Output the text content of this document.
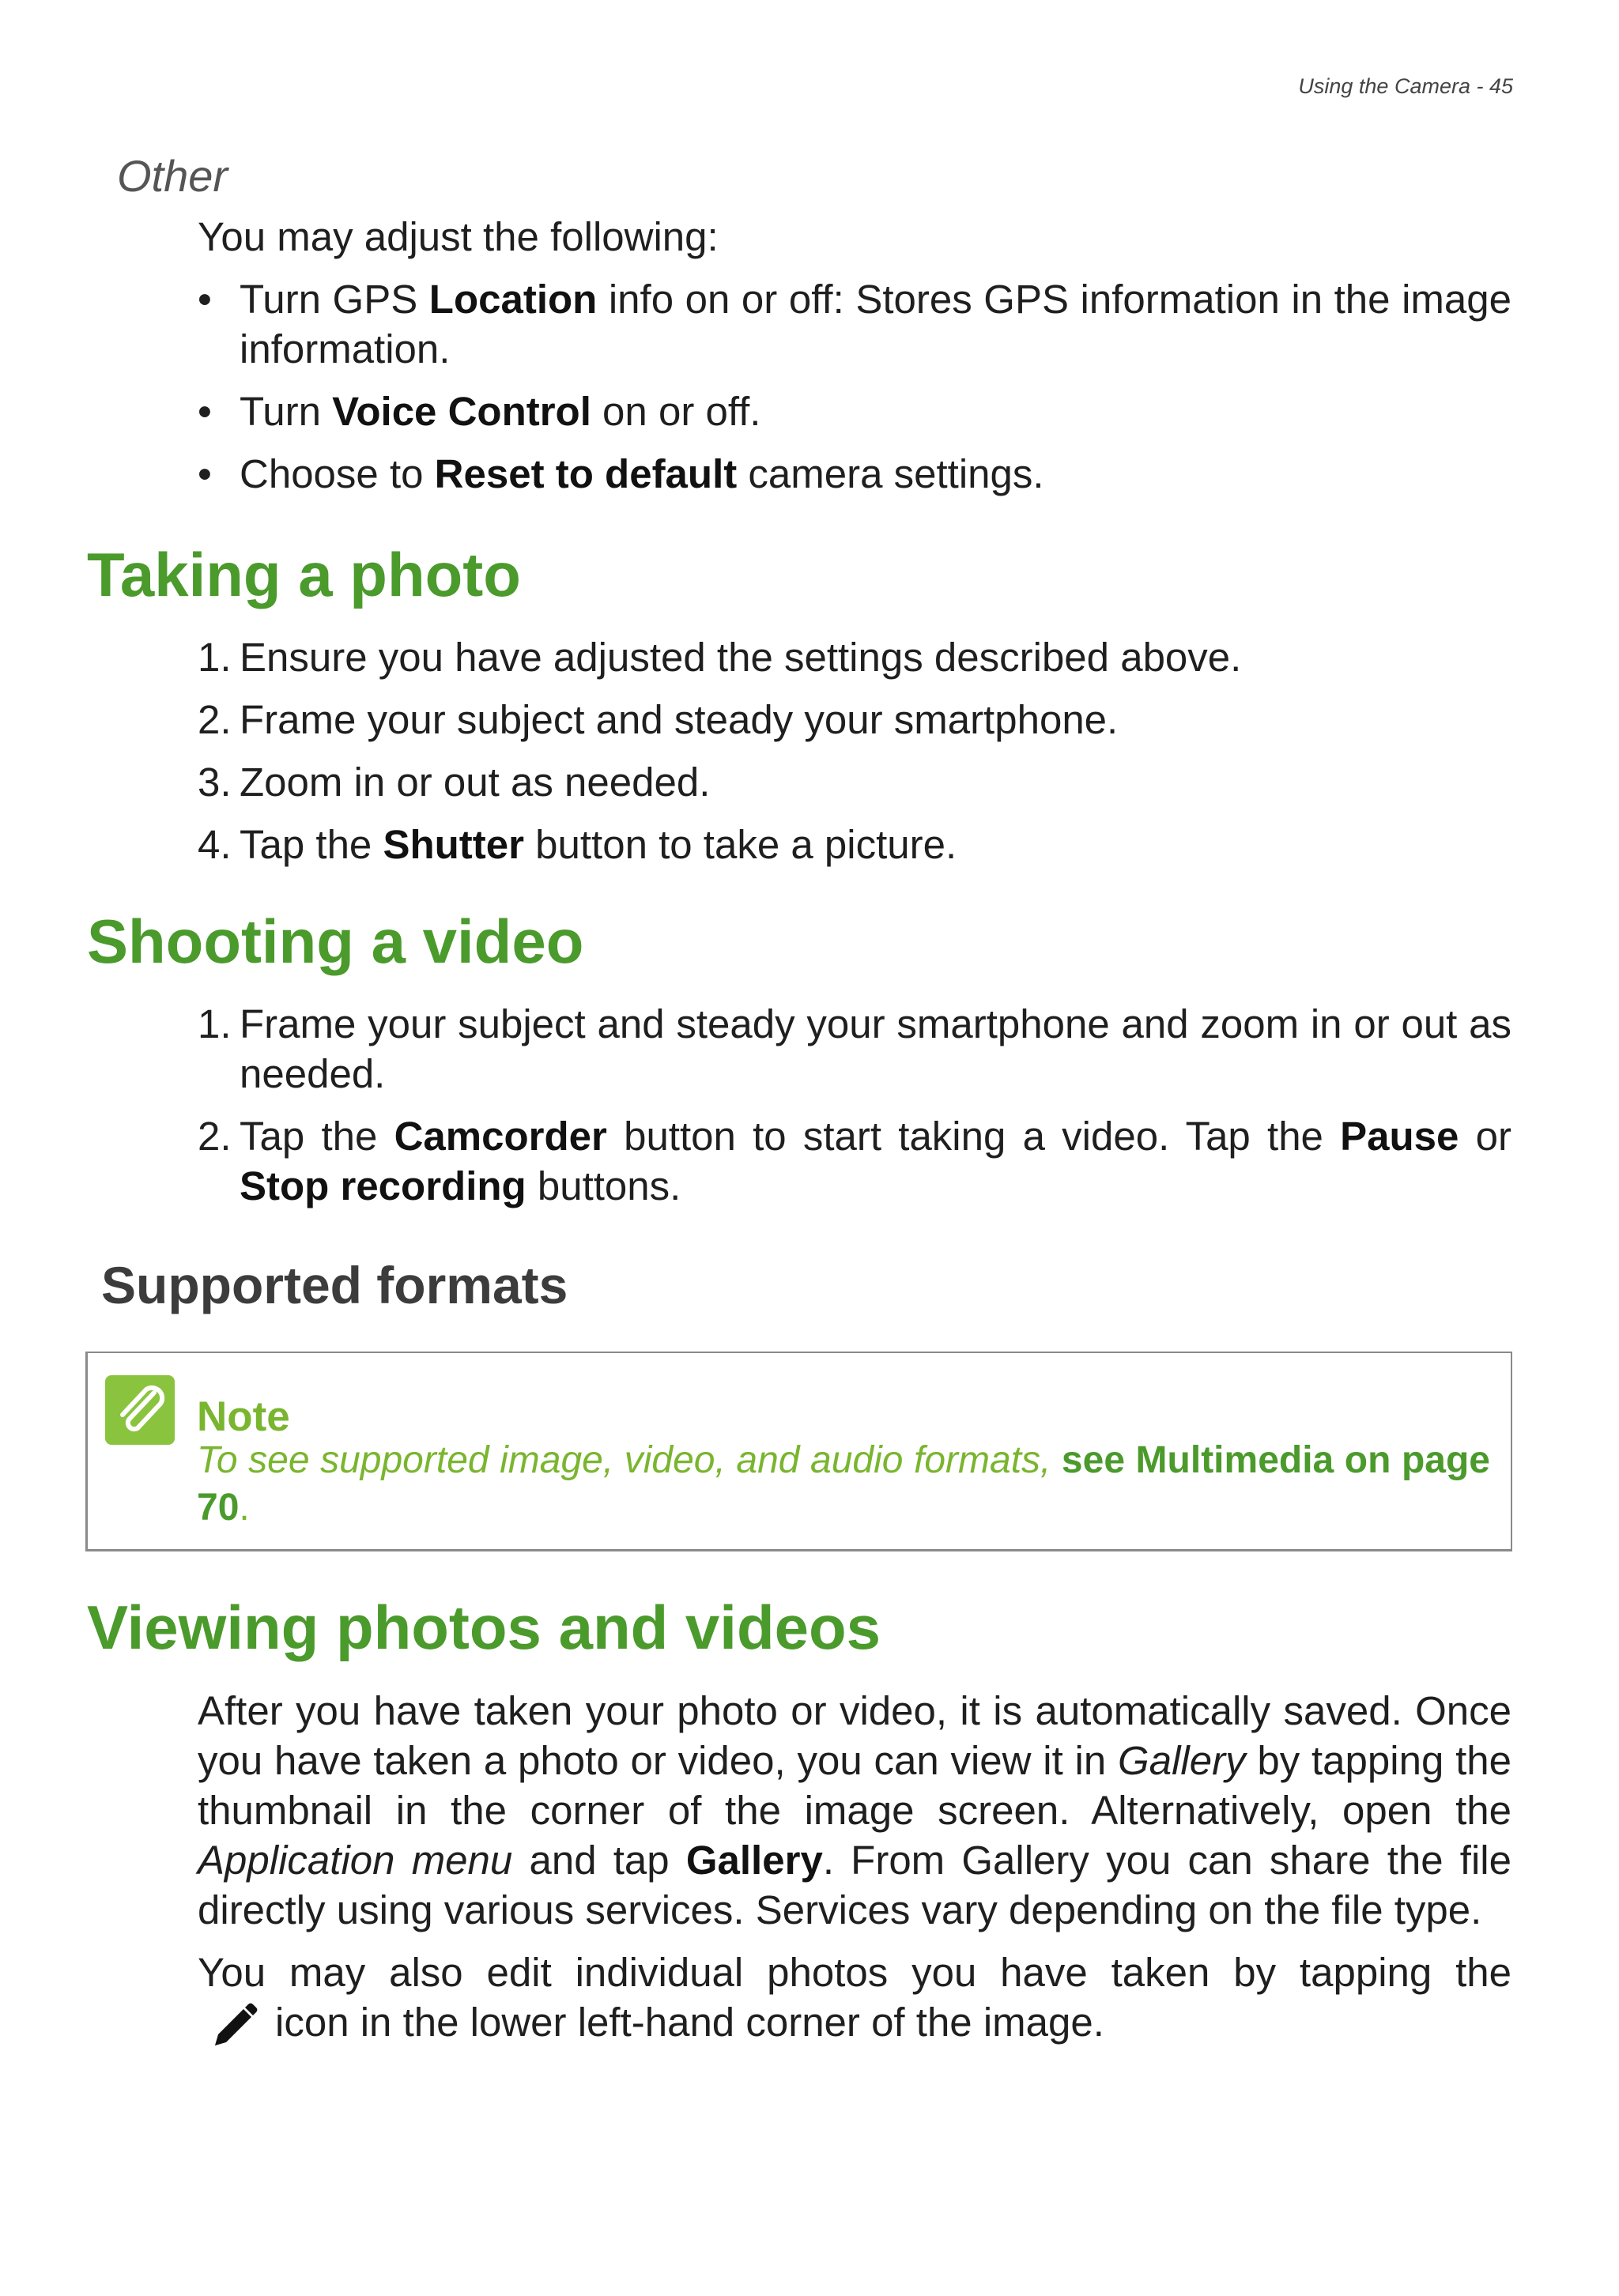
Using the Camera - 45
Other
You may adjust the following:
• Turn GPS Location info on or off: Stores GPS information in the image information.
• Turn Voice Control on or off.
• Choose to Reset to default camera settings.
Taking a photo
1. Ensure you have adjusted the settings described above.
2. Frame your subject and steady your smartphone.
3. Zoom in or out as needed.
4. Tap the Shutter button to take a picture.
Shooting a video
1. Frame your subject and steady your smartphone and zoom in or out as needed.
2. Tap the Camcorder button to start taking a video. Tap the Pause or Stop recording buttons.
Supported formats
Note
To see supported image, video, and audio formats, see Multimedia on page 70.
Viewing photos and videos

After you have taken your photo or video, it is automatically saved. Once you have taken a photo or video, you can view it in Gallery by tapping the thumbnail in the corner of the image screen. Alternatively, open the Application menu and tap Gallery. From Gallery you can share the file directly using various services. Services vary depending on the file type.

You may also edit individual photos you have taken by tapping the

icon in the lower left-hand corner of the image.
